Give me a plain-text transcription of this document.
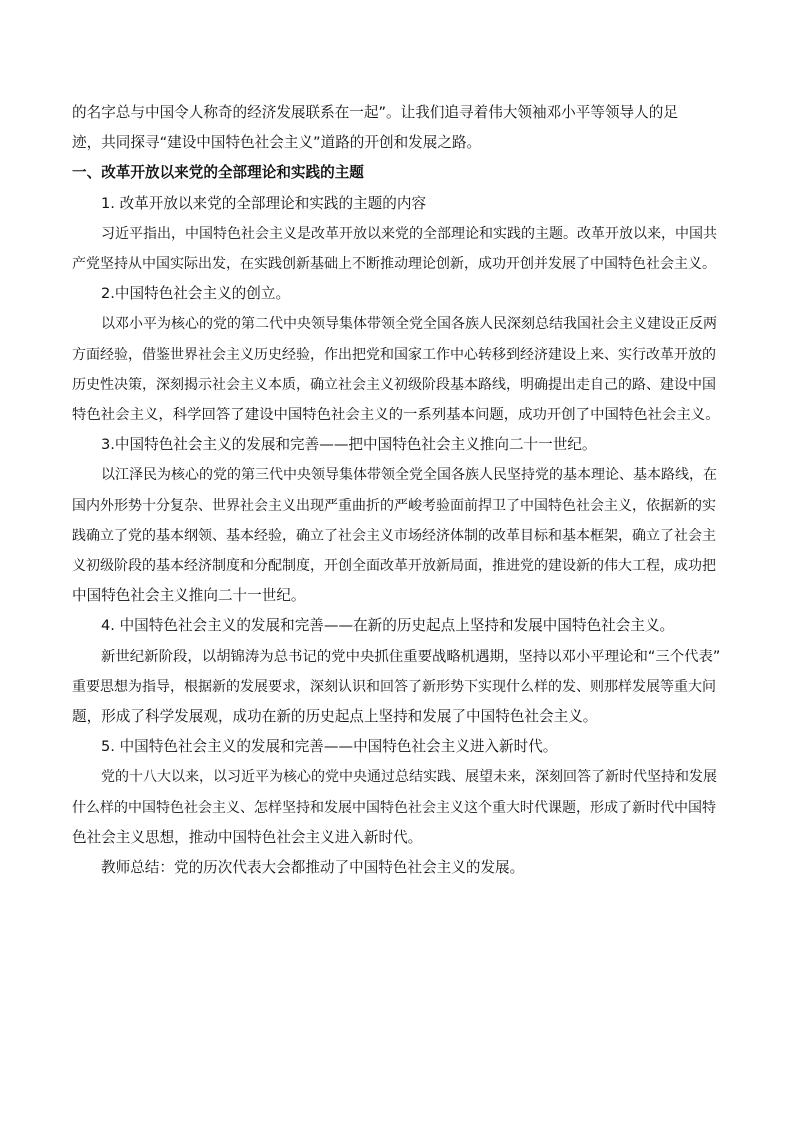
的名字总与中国令人称奇的经济发展联系在一起”。让我们追寻着伟大领袖邓小平等领导人的足

迹，共同探寻“建设中国特色社会主义”道路的开创和发展之路。

一、改革开放以来党的全部理论和实践的主题

1. 改革开放以来党的全部理论和实践的主题的内容

习近平指出，中国特色社会主义是改革开放以来党的全部理论和实践的主题。改革开放以来，中国共

产党坚持从中国实际出发，在实践创新基础上不断推动理论创新，成功开创并发展了中国特色社会主义。

2.中国特色社会主义的创立。

以邓小平为核心的党的第二代中央领导集体带领全党全国各族人民深刻总结我国社会主义建设正反两

方面经验，借鉴世界社会主义历史经验，作出把党和国家工作中心转移到经济建设上来、实行改革开放的

历史性决策，深刻揭示社会主义本质，确立社会主义初级阶段基本路线，明确提出走自己的路、建设中国

特色社会主义，科学回答了建设中国特色社会主义的一系列基本问题，成功开创了中国特色社会主义。

3.中国特色社会主义的发展和完善——把中国特色社会主义推向二十一世纪。

以江泽民为核心的党的第三代中央领导集体带领全党全国各族人民坚持党的基本理论、基本路线，在

国内外形势十分复杂、世界社会主义出现严重曲折的严峻考验面前捍卫了中国特色社会主义，依据新的实

践确立了党的基本纲领、基本经验，确立了社会主义市场经济体制的改革目标和基本框架，确立了社会主

义初级阶段的基本经济制度和分配制度，开创全面改革开放新局面，推进党的建设新的伟大工程，成功把

中国特色社会主义推向二十一世纪。

4. 中国特色社会主义的发展和完善——在新的历史起点上坚持和发展中国特色社会主义。

新世纪新阶段，以胡锦涛为总书记的党中央抓住重要战略机遇期，坚持以邓小平理论和“三个代表”

重要思想为指导，根据新的发展要求，深刻认识和回答了新形势下实现什么样的发、则那样发展等重大问

题，形成了科学发展观，成功在新的历史起点上坚持和发展了中国特色社会主义。

5. 中国特色社会主义的发展和完善——中国特色社会主义进入新时代。

党的十八大以来，以习近平为核心的党中央通过总结实践、展望未来，深刻回答了新时代坚持和发展

什么样的中国特色社会主义、怎样坚持和发展中国特色社会主义这个重大时代课题，形成了新时代中国特

色社会主义思想，推动中国特色社会主义进入新时代。

教师总结：党的历次代表大会都推动了中国特色社会主义的发展。
